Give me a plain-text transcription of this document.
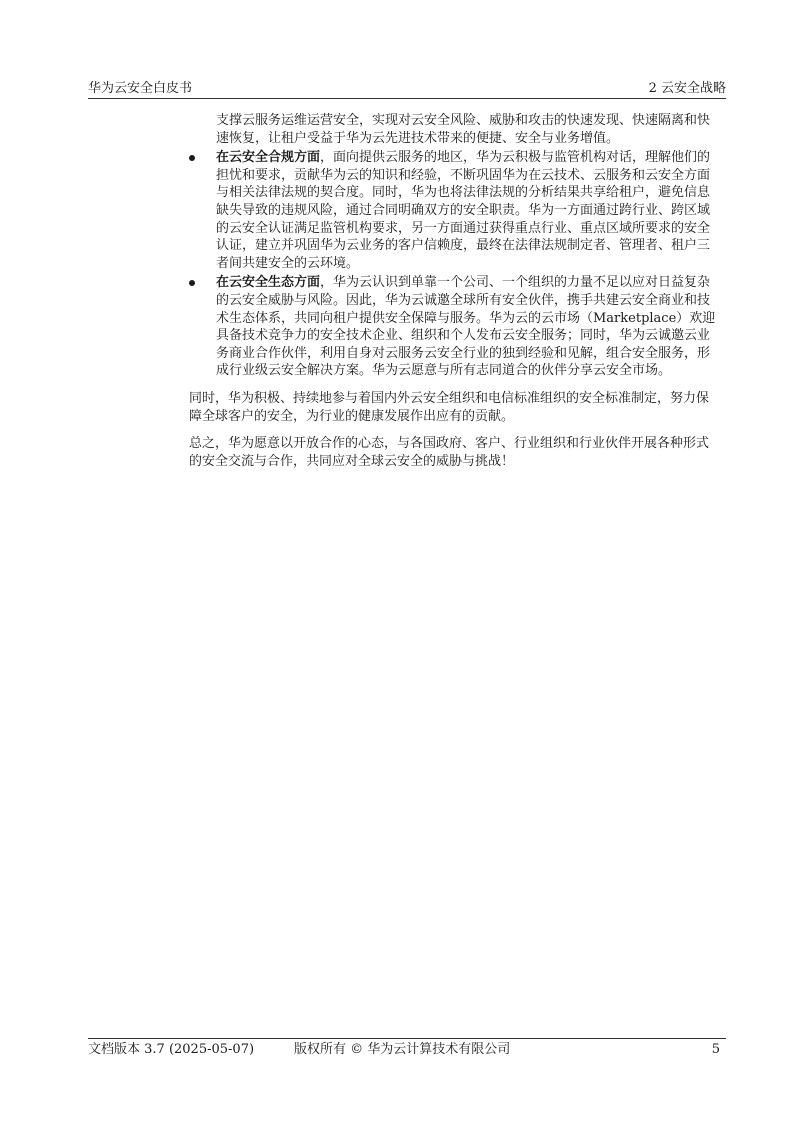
华为云安全白皮书	2 云安全战略

支撑云服务运维运营安全，实现对云安全风险、威胁和攻击的快速发现、快速隔离和快速恢复，让租户受益于华为云先进技术带来的便捷、安全与业务增值。

在云安全合规方面，面向提供云服务的地区，华为云积极与监管机构对话，理解他们的担忧和要求，贡献华为云的知识和经验，不断巩固华为在云技术、云服务和云安全方面与相关法律法规的契合度。同时，华为也将法律法规的分析结果共享给租户，避免信息缺失导致的违规风险，通过合同明确双方的安全职责。华为一方面通过跨行业、跨区域的云安全认证满足监管机构要求，另一方面通过获得重点行业、重点区域所要求的安全认证，建立并巩固华为云业务的客户信赖度，最终在法律法规制定者、管理者、租户三者间共建安全的云环境。
在云安全生态方面，华为云认识到单靠一个公司、一个组织的力量不足以应对日益复杂的云安全威胁与风险。因此，华为云诚邀全球所有安全伙伴，携手共建云安全商业和技术生态体系，共同向租户提供安全保障与服务。华为云的云市场（Marketplace）欢迎具备技术竞争力的安全技术企业、组织和个人发布云安全服务；同时，华为云诚邀云业务商业合作伙伴，利用自身对云服务云安全行业的独到经验和见解，组合安全服务，形成行业级云安全解决方案。华为云愿意与所有志同道合的伙伴分享云安全市场。

同时，华为积极、持续地参与着国内外云安全组织和电信标准组织的安全标准制定，努力保障全球客户的安全，为行业的健康发展作出应有的贡献。

总之，华为愿意以开放合作的心态，与各国政府、客户、行业组织和行业伙伴开展各种形式的安全交流与合作，共同应对全球云安全的威胁与挑战！

文档版本 3.7 (2025-05-07)	版权所有 © 华为云计算技术有限公司	5
